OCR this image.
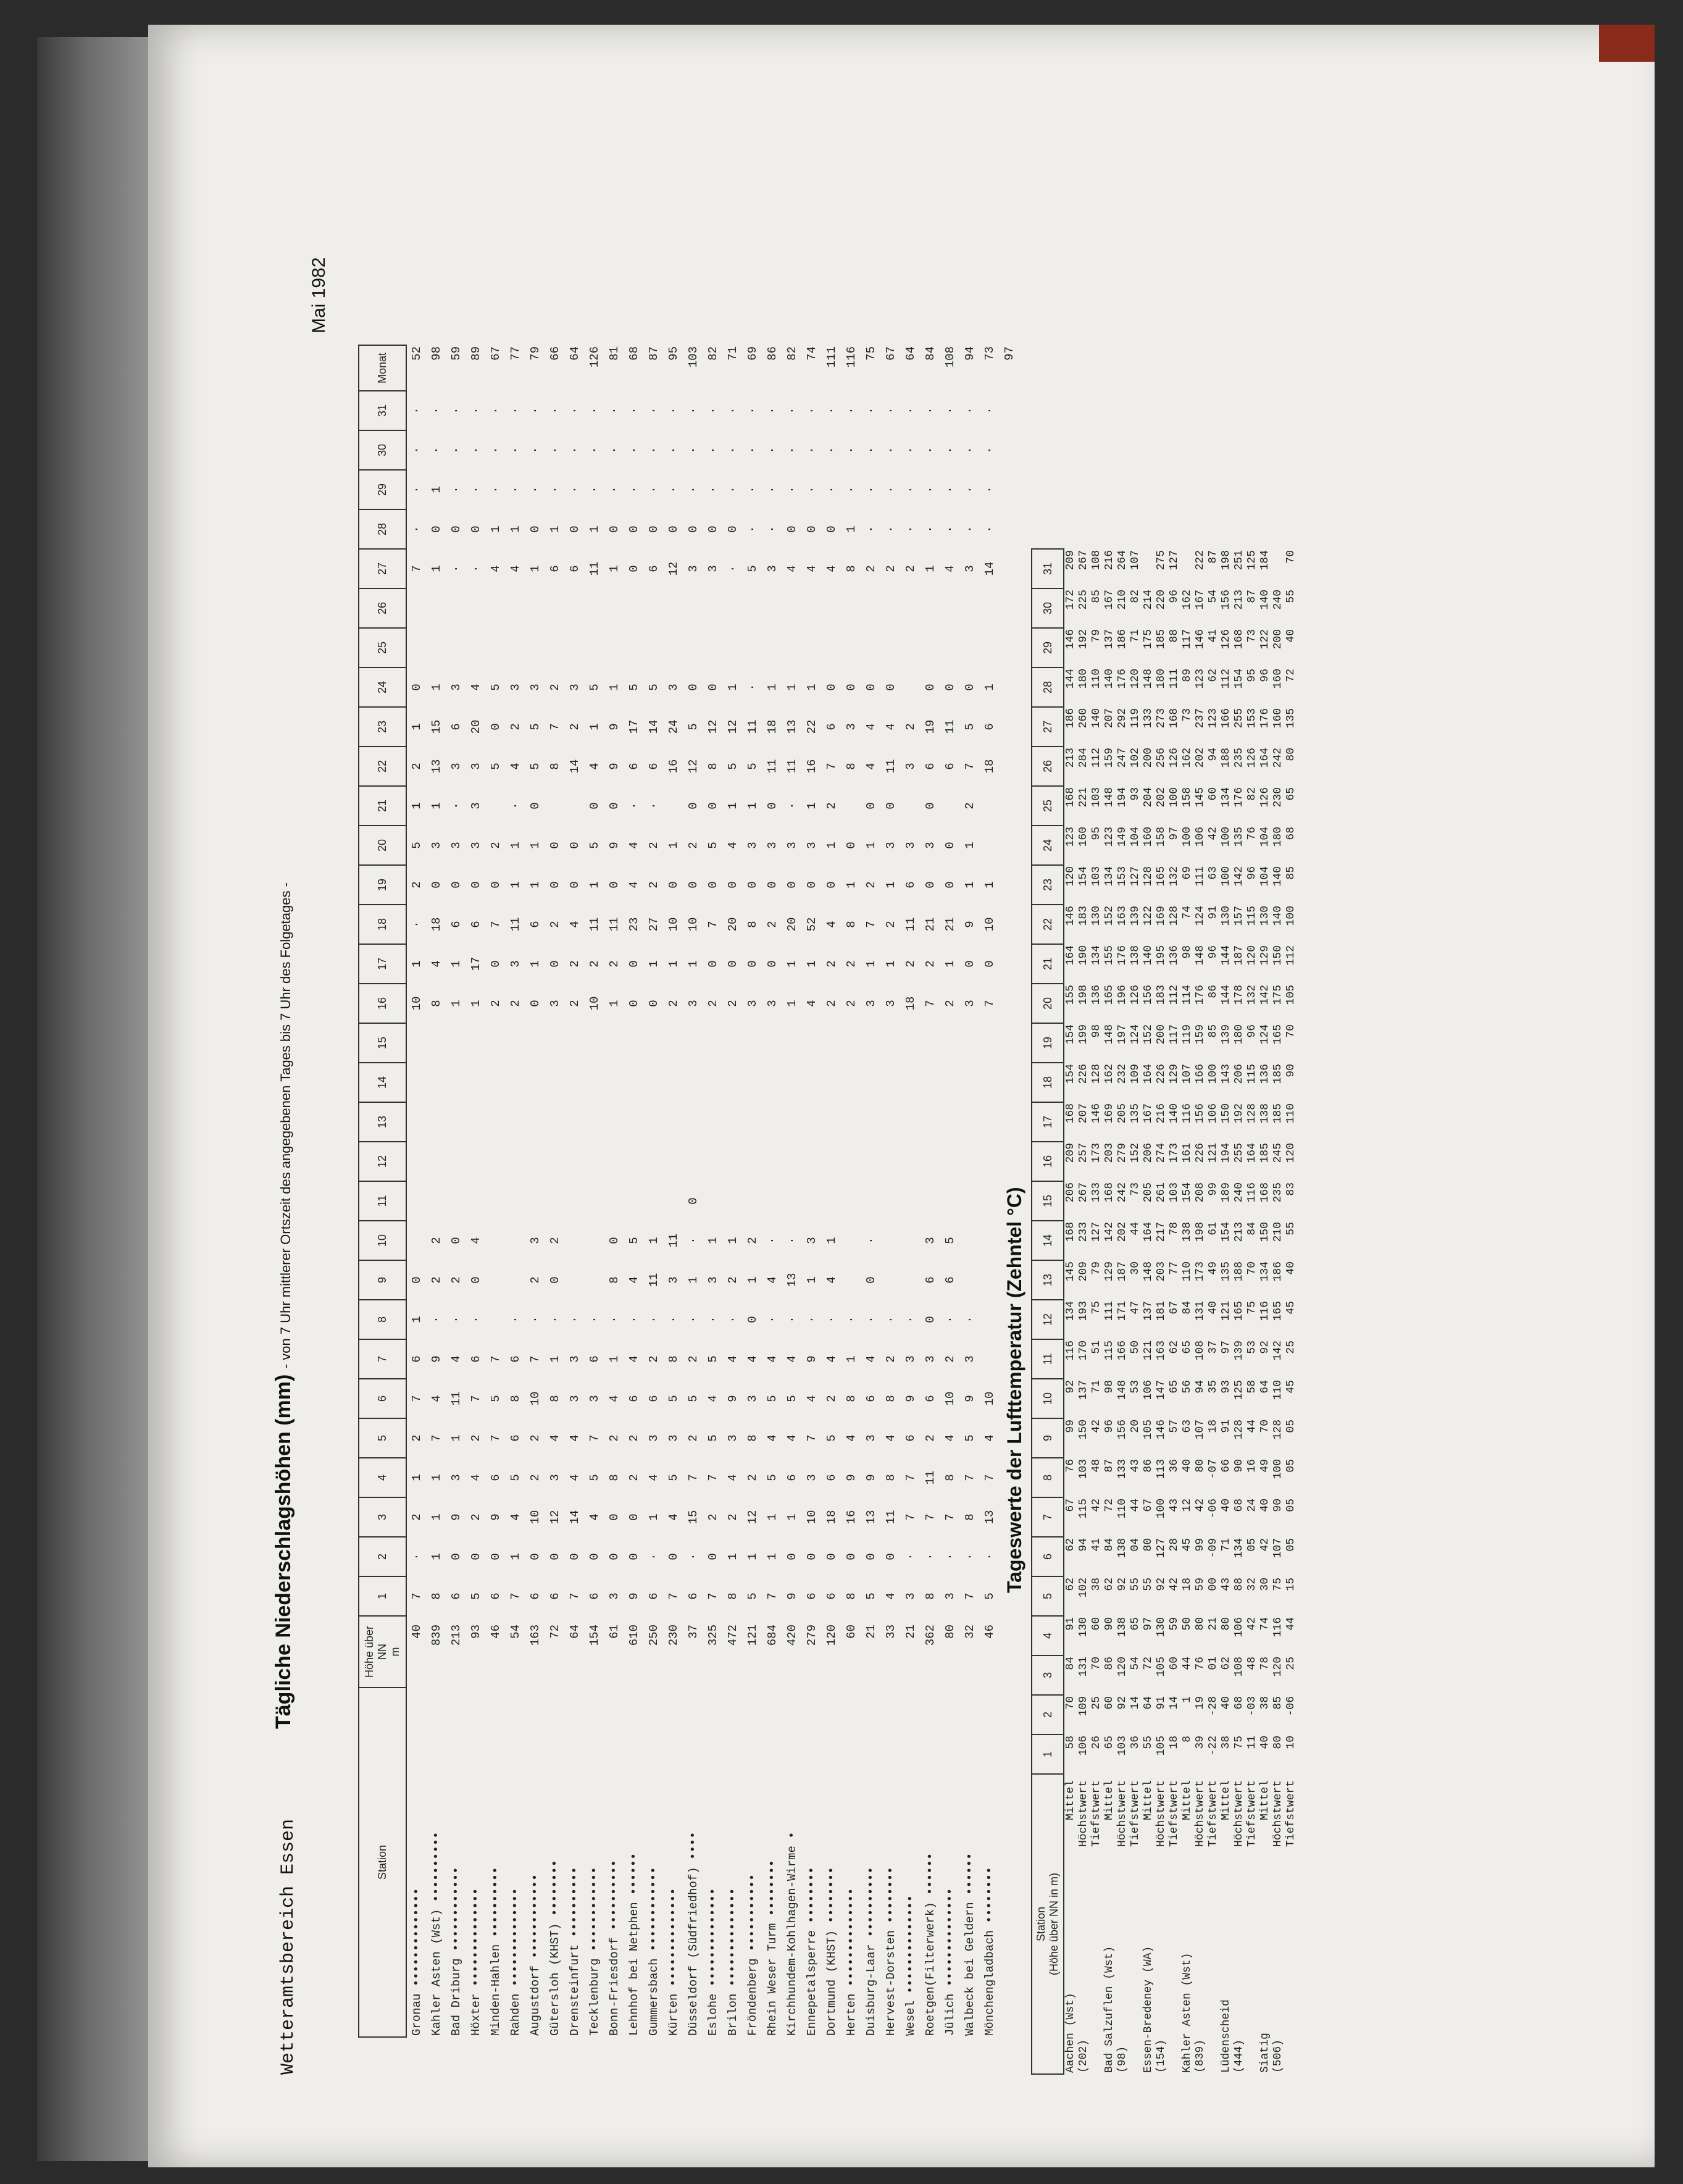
Wetteramtsbereich Essen
Tägliche Niederschlagshöhen (mm) - von 7 Uhr mittlerer Ortszeit des angegebenen Tages bis 7 Uhr des Folgetages -
Mai 1982
Station	Höhe über NN
m	1	2	3	4	5	6	7	8	9	10	11	12	13	14	15	16	17	18	19	20	21	22	23	24	25	26	27	28	29	30	31	Monat
Gronau ••••••••••••••	40	7	·	2	1	2	7	6	1	0							10	1	·	2	5	1	2	1	0			7	·	·	·	·	52
Kahler Asten (Wst) ••••••••••	839	8	1	1	1	7	4	9	·	2	2						8	4	18	0	3	1	13	15	1			1	0	1	·	·	98
Bad Driburg ••••••••••••	213	6	0	9	3	1	11	4	·	2	0						1	1	6	0	3	·	3	6	3			·	0	·	·	·	59
Höxter ••••••••••••••	93	5	0	2	4	2	7	6	·	0	4						1	17	6	0	3	3	3	20	4			·	0	·	·	·	89
Minden-Hahlen ••••••••••	46	6	0	9	6	7	5	7									2	0	7	0	2		5	0	5			4	1	·	·	·	67
Rahden ••••••••••••••	54	7	1	4	5	6	8	6	·								2	3	11	1	1	·	4	2	3			4	1	·	·	·	77
Augustdorf ••••••••••••	163	6	0	10	2	2	10	7	·	2	3						0	1	6	1	1	0	5	5	3			1	0	·	·	·	79
Gütersloh (KHST) ••••••••	72	6	0	12	3	4	8	1	·	0	2						3	0	2	0	0		8	7	2			6	1	·	·	·	66
Drensteinfurt ••••••••••	64	7	0	14	4	4	3	3	·								2	2	4	0	0		14	2	3			6	0	·	·	·	64
Tecklenburg ••••••••••••	154	6	0	4	5	7	3	6	·								10	2	11	1	5	0	4	1	5			11	1	·	·	·	126
Bonn-Friesdorf ••••••••••	61	3	0	0	8	2	4	1	·	8	0						1	2	11	0	9	0	9	9	1			1	0	·	·	·	81
Lehnhof bei Netphen ••••••	610	9	0	0	2	2	6	4	·	4	5						0	0	23	4	4	·	6	17	5			0	0	·	·	·	68
Gummersbach ••••••••••••	250	6	·	1	4	3	6	2	·	11	1						0	1	27	2	2	·	6	14	5			6	0	·	·	·	87
Kürten ••••••••••••••	230	7	0	4	5	3	5	8	·	3	11						2	1	10	0	1		16	24	3			12	0	·	·	·	95
Düsseldorf (Südfriedhof) ••••	37	6	·	15	7	2	5	2	·	1	·	0					3	1	10	0	2	0	12	5	0			3	0	·	·	·	103
Eslohe ••••••••••••••	325	7	0	2	7	5	4	5	·	3	1						2	0	7	0	5	0	8	12	0			3	0	·	·	·	82
Brilon ••••••••••••••	472	8	1	2	4	3	9	4	·	2	1						2	0	20	0	4	1	5	12	1			·	0	·	·	·	71
Fröndenberg •••••••••••	121	5	1	12	2	8	3	4	0	1	2						3	0	8	0	3	1	5	11	·			5	·	·	·	·	69
Rhein Weser Turm ••••••••	684	7	1	1	5	4	5	4	·	4	·						3	0	2	0	3	0	11	18	1			3	·	·	·	·	86
Kirchhundem-Kohlhagen-Wirme •	420	9	0	1	6	4	5	4	·	13	·						1	1	20	0	3	·	11	13	1			4	0	·	·	·	82
Ennepetalsperre ••••••••	279	6	0	10	3	7	4	9	·	1	3						4	1	52	0	3	1	16	22	1			4	0	·	·	·	74
Dortmund (KHST) ••••••••	120	6	0	18	6	5	2	4	·	4	1						2	2	4	0	1	2	7	6	0			4	0	·	·	·	111
Herten ••••••••••••••	60	8	0	16	9	4	8	1	·								2	2	8	1	0		8	3	0			8	1	·	·	·	116
Duisburg-Laar ••••••••••	21	5	0	13	9	3	6	4	·	0	·						3	1	7	2	1	0	4	4	0			2	·	·	·	·	75
Hervest-Dorsten ••••••••	33	4	0	11	8	4	8	2	·								3	1	2	1	3	0	11	4	0			2	·	·	·	·	67
Wesel ••••••••••••••	21	3	·	7	7	6	9	3	·								18	2	11	6	3		3	2				2	·	·	·	·	64
Roetgen(Filterwerk) ••••••	362	8	·	7	11	2	6	3	0	6	3						7	2	21	0	3	0	6	19	0			1	·	·	·	·	84
Jülich ••••••••••••••	80	3	·	7	8	4	10	2	·	6	5						2	1	21	0	0		6	11	0			4	·	·	·	·	108
Walbeck bei Geldern ••••••	32	7	·	8	7	5	9	3	·								3	0	9	1	1	2	7	5	0			3	·	·	·	·	94
Mönchengladbach ••••••••	46	5	·	13	7	4	10										7	0	10	1			18	6	1			14	·	·	·	·	73
																																	97
Tageswerte der Lufttemperatur (Zehntel °C)
Station
(Höhe über NN in m)		1	2	3	4	5	6	7	8	9	10	11	12	13	14	15	16	17	18	19	20	21	22	23	24	25	26	27	28	29	30	31
Aachen (Wst)	Mittel	58	70	84	91	62	62	67	76	99	92	116	134	145	168	206	209	168	154	154	155	164	146	120	123	168	213	186	144	146	172	209
(202)	Höchstwert	106	109	131	130	102	94	115	103	150	137	170	193	209	233	267	257	207	226	199	198	190	183	154	160	221	284	260	180	192	225	267
	Tiefstwert	26	25	70	60	38	41	42	48	42	71	51	75	79	127	133	173	146	128	98	136	134	130	103	95	103	112	140	110	79	85	108
Bad Salzuflen (Wst)	Mittel	65	60	86	90	62	84	72	87	96	98	115	111	129	142	168	203	169	162	148	165	155	152	134	123	148	159	207	140	137	167	216
(98)	Höchstwert	103	92	120	138	92	138	110	133	156	148	166	171	187	202	242	279	205	232	197	196	176	163	153	149	194	247	292	176	186	210	264
	Tiefstwert	36	14	54	65	55	04	44	43	20	53	50	47	30	44	73	152	135	109	124	126	138	139	127	104	93	102	119	120	71	82	107
Essen-Bredeney (WA)	Mittel	55	64	72	97	55	80	67	86	105	106	121	137	148	164	205	206	167	164	152	156	140	122	128	160	204	200	133	148	175	214	
(154)	Höchstwert	105	91	105	130	92	127	100	113	146	147	163	181	203	217	261	274	216	226	200	183	195	169	165	158	202	256	273	180	185	220	275
	Tiefstwert	18	14	60	59	42	28	43	36	57	65	62	67	77	78	103	173	140	129	117	112	136	128	132	97	100	126	168	111	88	96	127
Kahler Asten (Wst)	Mittel	8	1	44	50	18	45	12	40	63	56	65	84	110	138	154	161	116	107	119	114	98	74	69	100	158	162	73	89	117	162	
(839)	Höchstwert	39	19	76	80	59	99	42	80	107	94	108	131	173	198	208	226	156	166	159	176	148	124	111	106	145	202	237	123	146	167	222
	Tiefstwert	-22	-28	01	21	00	-09	-06	-07	18	35	37	40	49	61	99	121	106	100	85	86	96	91	63	42	60	94	123	62	41	54	87
Lüdenscheid	Mittel	38	40	62	80	43	71	40	66	91	93	97	121	135	154	189	194	150	143	139	144	144	130	100	100	134	188	166	112	126	156	198
(444)	Höchstwert	75	68	108	106	88	134	68	90	128	125	139	165	188	213	240	255	192	206	180	178	187	157	142	135	176	235	255	154	168	213	251
	Tiefstwert	11	-03	48	42	32	05	24	16	44	58	53	75	70	84	116	164	128	115	96	132	120	115	96	76	82	126	153	95	73	87	125
Siatig	Mittel	40	38	78	74	30	42	40	49	70	64	92	116	134	150	168	185	138	136	124	142	129	130	104	104	126	164	176	96	122	140	184
(506)	Höchstwert	80	85	120	116	75	107	90	100	128	110	142	165	186	210	235	245	185	185	165	175	150	140	140	180	230	242	160	160	200	240	
	Tiefstwert	10	-06	25	44	15	05	05	05	05	45	25	45	40	55	83	120	110	90	70	105	112	100	85	68	65	80	135	72	40	55	70
